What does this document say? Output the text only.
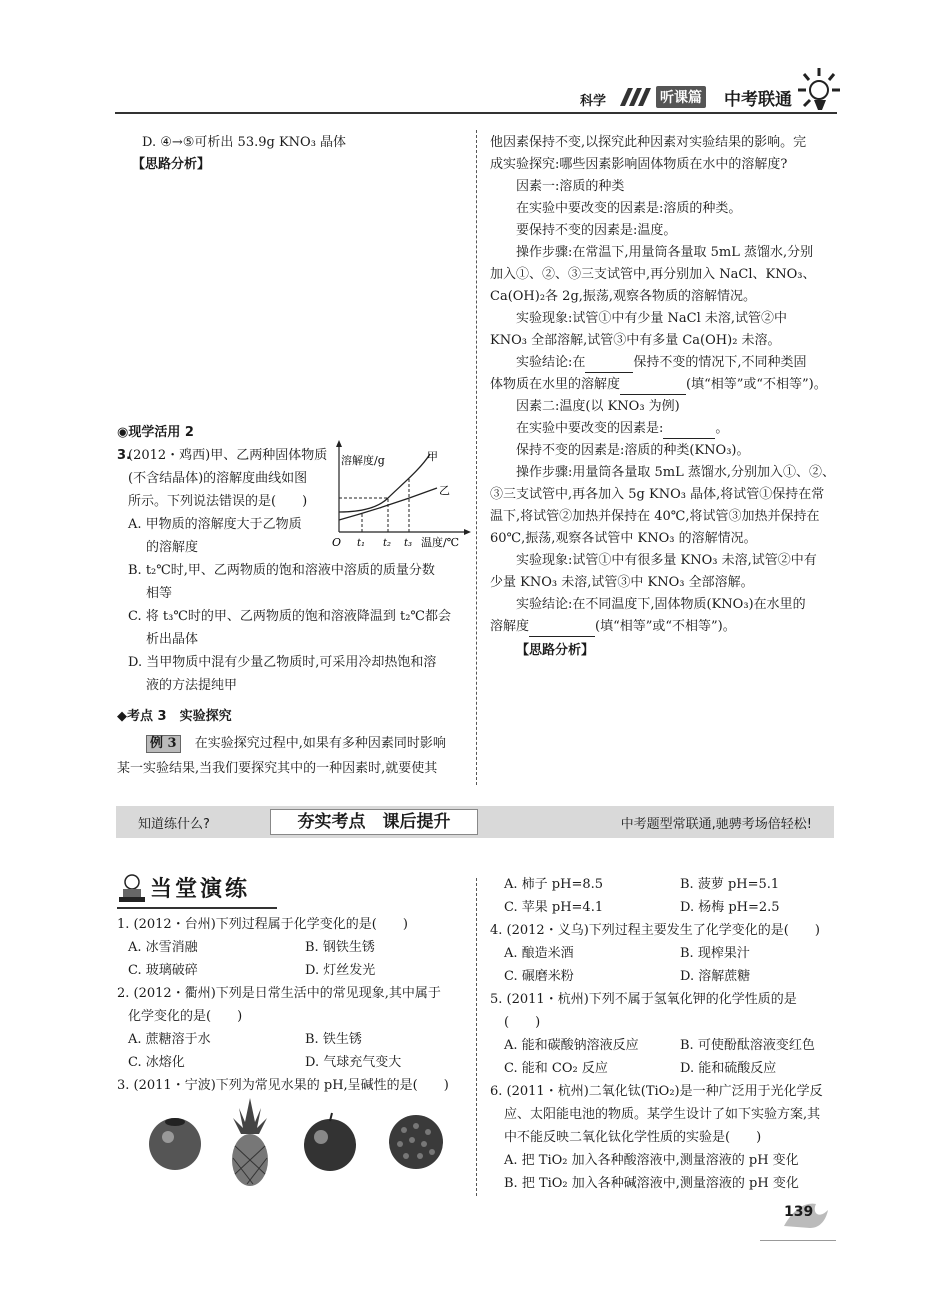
科学	听课篇 中考联通
D. ④→⑤可析出 53.9g KNO₃ 晶体
【思路分析】
◉现学活用 2
3.
(2012・鸡西)甲、乙两种固体物质
(不含结晶体)的溶解度曲线如图
所示。下列说法错误的是(　　)
A. 甲物质的溶解度大于乙物质
的溶解度
B. t₂℃时,甲、乙两物质的饱和溶液中溶质的质量分数
相等
C. 将 t₃℃时的甲、乙两物质的饱和溶液降温到 t₂℃都会
析出晶体
D. 当甲物质中混有少量乙物质时,可采用冷却热饱和溶
液的方法提纯甲
溶解度/g	甲
乙
O t₁ t₂ t₃ 温度/℃
◆考点 3　实验探究
例 3 在实验探究过程中,如果有多种因素同时影响
某一实验结果,当我们要探究其中的一种因素时,就要使其
他因素保持不变,以探究此种因素对实验结果的影响。完
成实验探究:哪些因素影响固体物质在水中的溶解度?
因素一:溶质的种类
在实验中要改变的因素是:溶质的种类。
要保持不变的因素是:温度。
操作步骤:在常温下,用量筒各量取 5mL 蒸馏水,分别
加入①、②、③三支试管中,再分别加入 NaCl、KNO₃、
Ca(OH)₂各 2g,振荡,观察各物质的溶解情况。
实验现象:试管①中有少量 NaCl 未溶,试管②中
KNO₃ 全部溶解,试管③中有多量 Ca(OH)₂ 未溶。
实验结论:在	保持不变的情况下,不同种类固
体物质在水里的溶解度	(填“相等”或“不相等”)。
因素二:温度(以 KNO₃ 为例)
在实验中要改变的因素是:	。
保持不变的因素是:溶质的种类(KNO₃)。
操作步骤:用量筒各量取 5mL 蒸馏水,分别加入①、②、
③三支试管中,再各加入 5g KNO₃ 晶体,将试管①保持在常
温下,将试管②加热并保持在 40℃,将试管③加热并保持在
60℃,振荡,观察各试管中 KNO₃ 的溶解情况。
实验现象:试管①中有很多量 KNO₃ 未溶,试管②中有
少量 KNO₃ 未溶,试管③中 KNO₃ 全部溶解。
实验结论:在不同温度下,固体物质(KNO₃)在水里的
溶解度	(填“相等”或“不相等”)。
【思路分析】
知道练什么?	夯实考点　课后提升	中考题型常联通,驰骋考场倍轻松!
当堂演练
1. (2012・台州)下列过程属于化学变化的是(　　)
A. 冰雪消融	B. 钢铁生锈
C. 玻璃破碎	D. 灯丝发光
2. (2012・衢州)下列是日常生活中的常见现象,其中属于
化学变化的是(　　)
A. 蔗糖溶于水	B. 铁生锈
C. 冰熔化	D. 气球充气变大
3. (2011・宁波)下列为常见水果的 pH,呈碱性的是(　　)
A. 柿子 pH=8.5	B. 菠萝 pH=5.1
C. 苹果 pH=4.1	D. 杨梅 pH=2.5
4. (2012・义乌)下列过程主要发生了化学变化的是(　　)
A. 酿造米酒	B. 现榨果汁
C. 碾磨米粉	D. 溶解蔗糖
5. (2011・杭州)下列不属于氢氧化钾的化学性质的是
(　　)
A. 能和碳酸钠溶液反应	B. 可使酚酞溶液变红色
C. 能和 CO₂ 反应	D. 能和硫酸反应
6. (2011・杭州)二氧化钛(TiO₂)是一种广泛用于光化学反
应、太阳能电池的物质。某学生设计了如下实验方案,其
中不能反映二氧化钛化学性质的实验是(　　)
A. 把 TiO₂ 加入各种酸溶液中,测量溶液的 pH 变化
B. 把 TiO₂ 加入各种碱溶液中,测量溶液的 pH 变化
139
